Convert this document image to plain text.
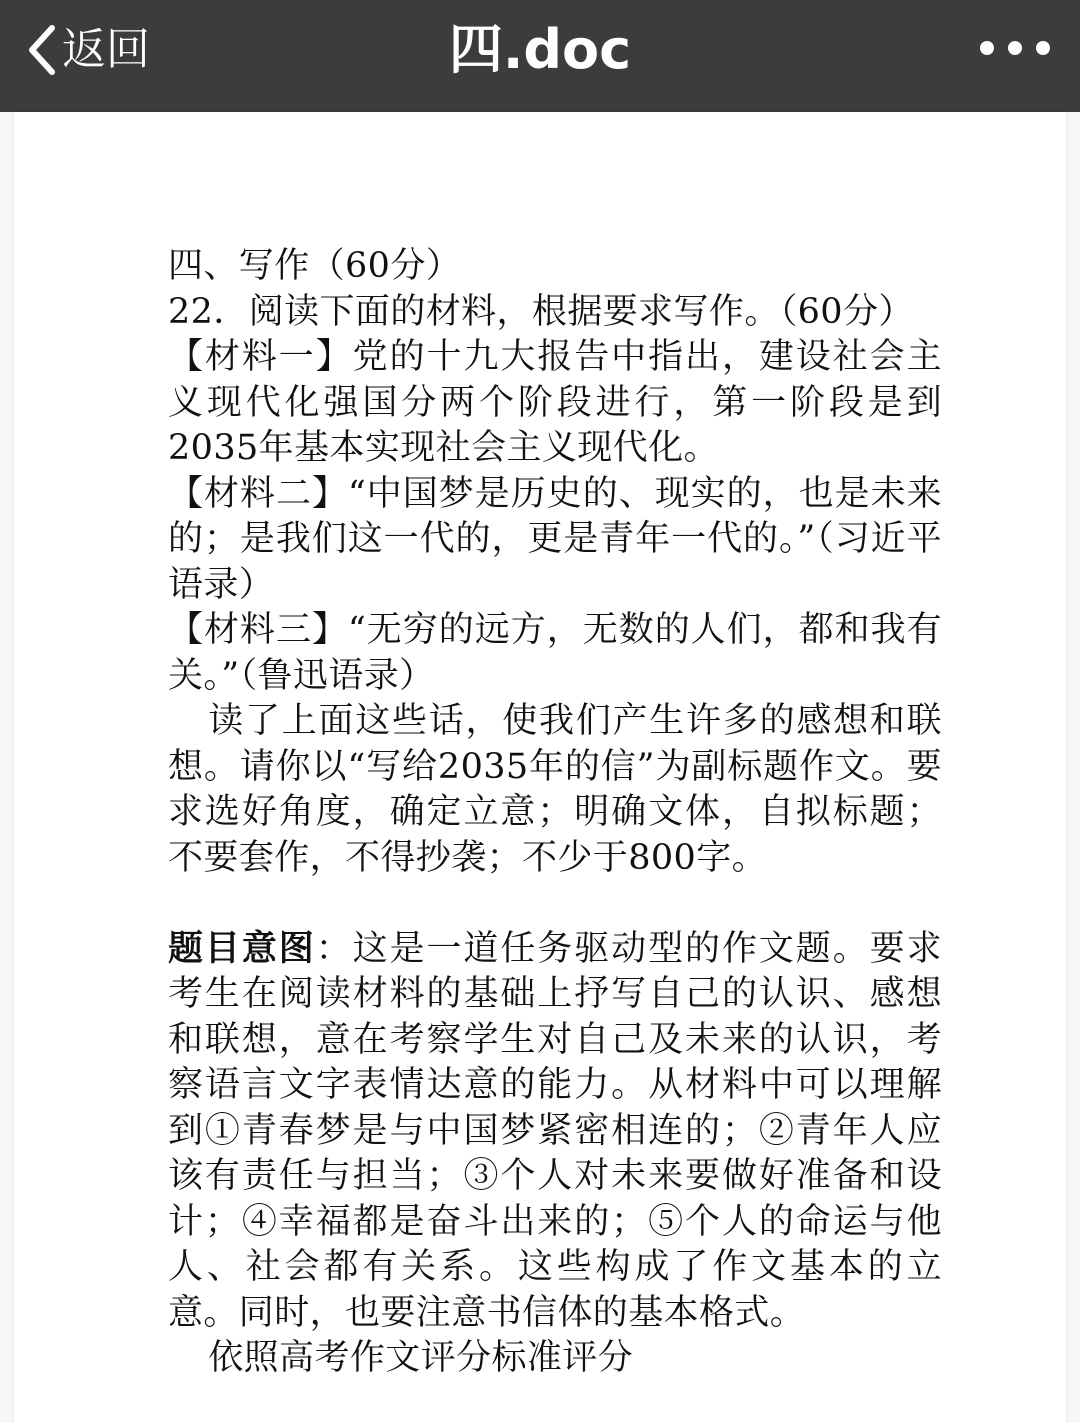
返回	四.doc

四、写作（60分）

22．阅读下面的材料，根据要求写作。（60分）

【材料一】党的十九大报告中指出，建设社会主义现代化强国分两个阶段进行，第一阶段是到2035年基本实现社会主义现代化。

【材料二】“中国梦是历史的、现实的，也是未来的；是我们这一代的，更是青年一代的。”（习近平语录）

【材料三】“无穷的远方，无数的人们，都和我有关。”（鲁迅语录）

读了上面这些话，使我们产生许多的感想和联想。请你以“写给2035年的信”为副标题作文。要求选好角度，确定立意；明确文体，自拟标题；不要套作，不得抄袭；不少于800字。

题目意图：这是一道任务驱动型的作文题。要求考生在阅读材料的基础上抒写自己的认识、感想和联想，意在考察学生对自己及未来的认识，考察语言文字表情达意的能力。从材料中可以理解到①青春梦是与中国梦紧密相连的；②青年人应该有责任与担当；③个人对未来要做好准备和设计；④幸福都是奋斗出来的；⑤个人的命运与他人、社会都有关系。这些构成了作文基本的立意。同时，也要注意书信体的基本格式。

依照高考作文评分标准评分
